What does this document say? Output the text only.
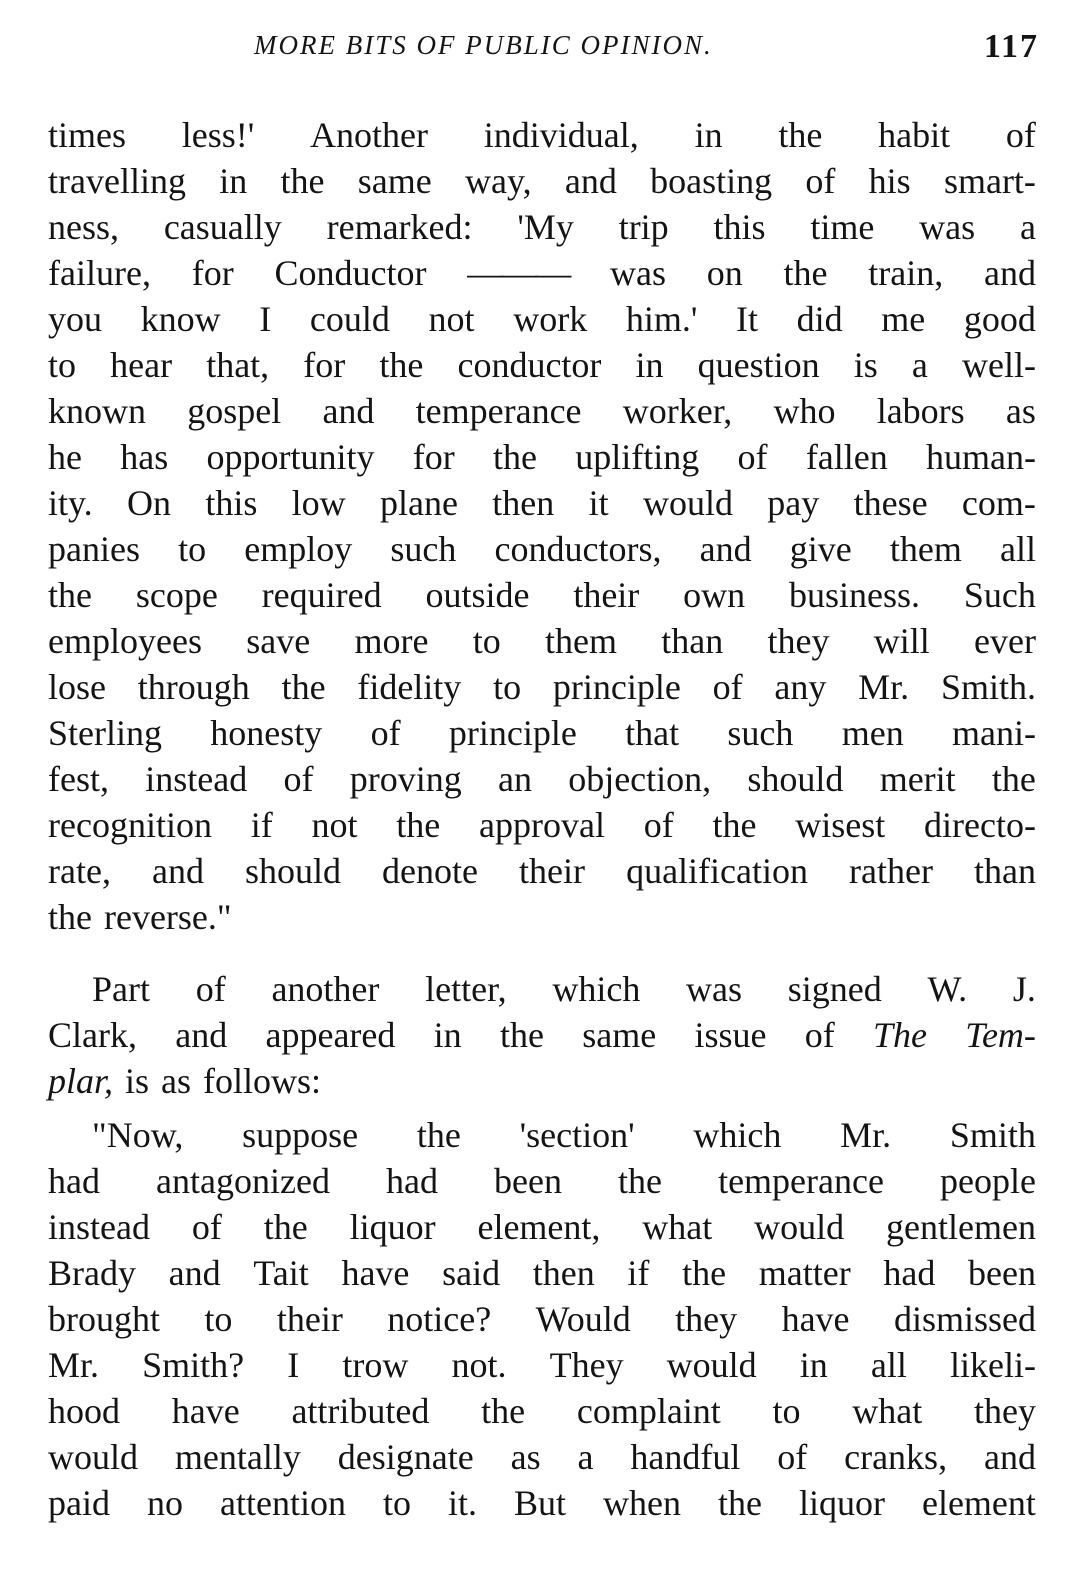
MORE BITS OF PUBLIC OPINION.	117
times less!' Another individual, in the habit of
travelling in the same way, and boasting of his smart-
ness, casually remarked: 'My trip this time was a
failure, for Conductor ——— was on the train, and
you know I could not work him.' It did me good
to hear that, for the conductor in question is a well-
known gospel and temperance worker, who labors as
he has opportunity for the uplifting of fallen human-
ity. On this low plane then it would pay these com-
panies to employ such conductors, and give them all
the scope required outside their own business. Such
employees save more to them than they will ever
lose through the fidelity to principle of any Mr. Smith.
Sterling honesty of principle that such men mani-
fest, instead of proving an objection, should merit the
recognition if not the approval of the wisest directo-
rate, and should denote their qualification rather than
the reverse."
Part of another letter, which was signed W. J.
Clark, and appeared in the same issue of The Tem-
plar, is as follows:
"Now, suppose the 'section' which Mr. Smith
had antagonized had been the temperance people
instead of the liquor element, what would gentlemen
Brady and Tait have said then if the matter had been
brought to their notice? Would they have dismissed
Mr. Smith? I trow not. They would in all likeli-
hood have attributed the complaint to what they
would mentally designate as a handful of cranks, and
paid no attention to it. But when the liquor element
